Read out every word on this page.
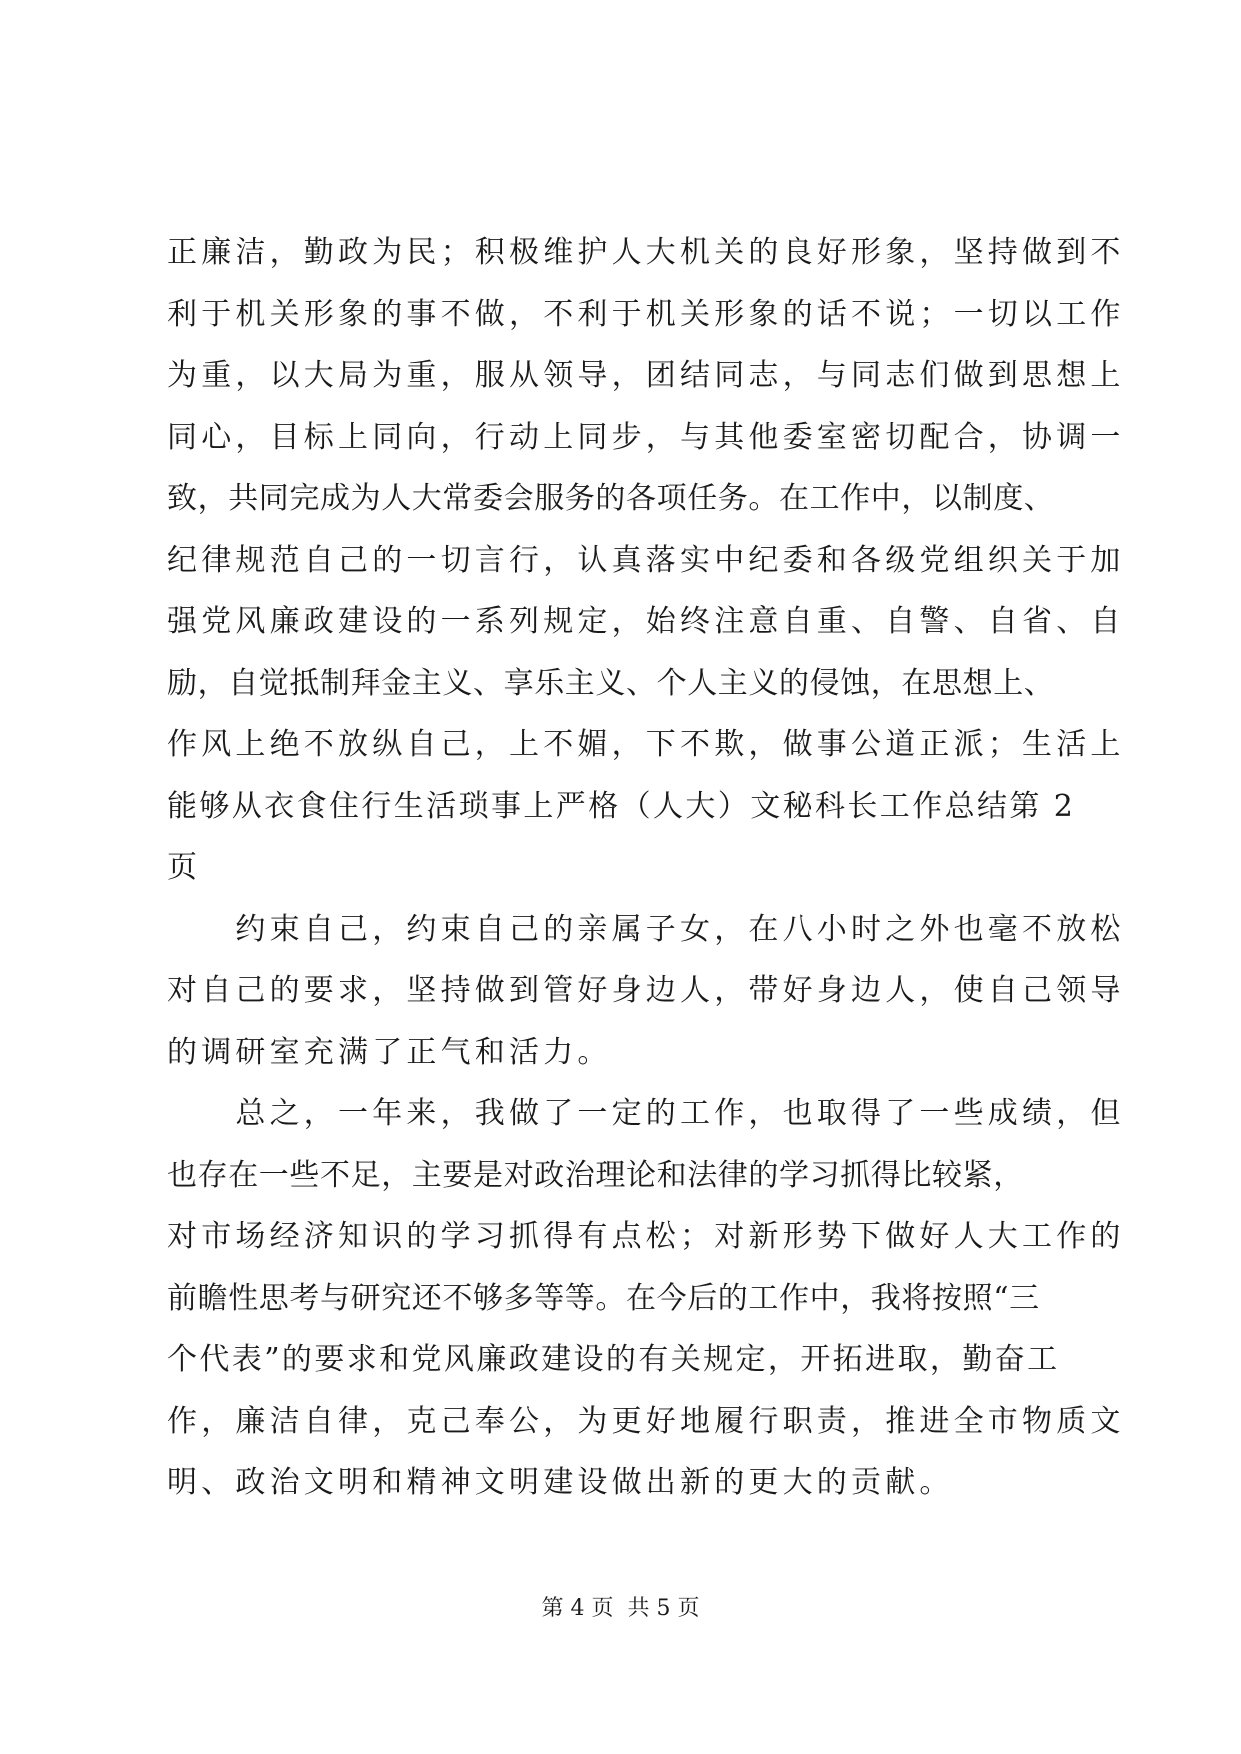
正廉洁，勤政为民；积极维护人大机关的良好形象，坚持做到不
利于机关形象的事不做，不利于机关形象的话不说；一切以工作
为重，以大局为重，服从领导，团结同志，与同志们做到思想上
同心，目标上同向，行动上同步，与其他委室密切配合，协调一
致，共同完成为人大常委会服务的各项任务。在工作中，以制度、
纪律规范自己的一切言行，认真落实中纪委和各级党组织关于加
强党风廉政建设的一系列规定，始终注意自重、自警、自省、自
励，自觉抵制拜金主义、享乐主义、个人主义的侵蚀，在思想上、
作风上绝不放纵自己，上不媚，下不欺，做事公道正派；生活上
能够从衣食住行生活琐事上严格（人大）文秘科长工作总结第 2
页
　　约束自己，约束自己的亲属子女，在八小时之外也毫不放松
对自己的要求，坚持做到管好身边人，带好身边人，使自己领导
的调研室充满了正气和活力。
　　总之，一年来，我做了一定的工作，也取得了一些成绩，但
也存在一些不足，主要是对政治理论和法律的学习抓得比较紧，
对市场经济知识的学习抓得有点松；对新形势下做好人大工作的
前瞻性思考与研究还不够多等等。在今后的工作中，我将按照“三
个代表”的要求和党风廉政建设的有关规定，开拓进取，勤奋工
作，廉洁自律，克己奉公，为更好地履行职责，推进全市物质文
明、政治文明和精神文明建设做出新的更大的贡献。
第 4 页  共 5 页
